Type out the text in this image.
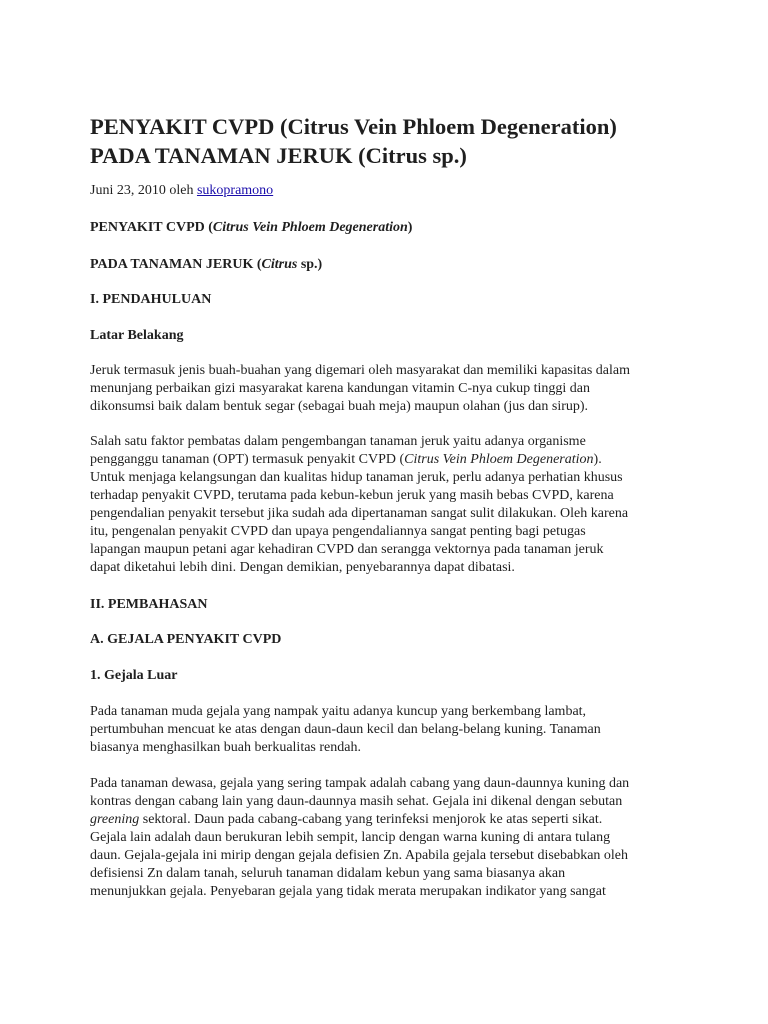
PENYAKIT CVPD (Citrus Vein Phloem Degeneration)
PADA TANAMAN JERUK (Citrus sp.)
Juni 23, 2010 oleh sukopramono
PENYAKIT CVPD (Citrus Vein Phloem Degeneration)
PADA TANAMAN JERUK (Citrus sp.)
I. PENDAHULUAN
Latar Belakang
Jeruk termasuk jenis buah-buahan yang digemari oleh masyarakat dan memiliki kapasitas dalam
menunjang perbaikan gizi masyarakat karena kandungan vitamin C-nya cukup tinggi dan
dikonsumsi baik dalam bentuk segar (sebagai buah meja) maupun olahan (jus dan sirup).
Salah satu faktor pembatas dalam pengembangan tanaman jeruk yaitu adanya organisme
pengganggu tanaman (OPT) termasuk penyakit CVPD (Citrus Vein Phloem Degeneration).
Untuk menjaga kelangsungan dan kualitas hidup tanaman jeruk, perlu adanya perhatian khusus
terhadap penyakit CVPD, terutama pada kebun-kebun jeruk yang masih bebas CVPD, karena
pengendalian penyakit tersebut jika sudah ada dipertanaman sangat sulit dilakukan. Oleh karena
itu, pengenalan penyakit CVPD dan upaya pengendaliannya sangat penting bagi petugas
lapangan maupun petani agar kehadiran CVPD dan serangga vektornya pada tanaman jeruk
dapat diketahui lebih dini. Dengan demikian, penyebarannya dapat dibatasi.
II. PEMBAHASAN
A. GEJALA PENYAKIT CVPD
1. Gejala Luar
Pada tanaman muda gejala yang nampak yaitu adanya kuncup yang berkembang lambat,
pertumbuhan mencuat ke atas dengan daun-daun kecil dan belang-belang kuning. Tanaman
biasanya menghasilkan buah berkualitas rendah.
Pada tanaman dewasa, gejala yang sering tampak adalah cabang yang daun-daunnya kuning dan
kontras dengan cabang lain yang daun-daunnya masih sehat. Gejala ini dikenal dengan sebutan
greening sektoral. Daun pada cabang-cabang yang terinfeksi menjorok ke atas seperti sikat.
Gejala lain adalah daun berukuran lebih sempit, lancip dengan warna kuning di antara tulang
daun. Gejala-gejala ini mirip dengan gejala defisien Zn. Apabila gejala tersebut disebabkan oleh
defisiensi Zn dalam tanah, seluruh tanaman didalam kebun yang sama biasanya akan
menunjukkan gejala. Penyebaran gejala yang tidak merata merupakan indikator yang sangat
